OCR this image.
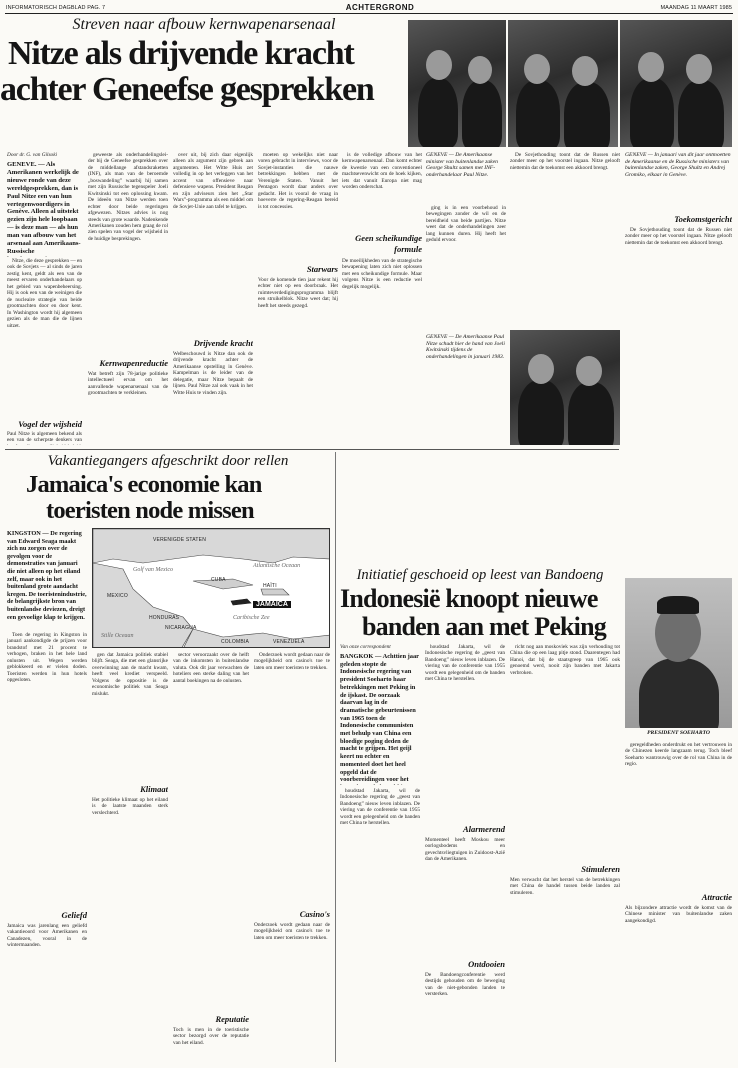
INFORMATORISCH DAGBLAD PAG. 7	ACHTERGROND	MAANDAG 11 MAART 1985
Streven naar afbouw kernwapenarsenaal
Nitze als drijvende kracht
achter Geneefse gesprekken
Door dr. G. van Gilsoki
GENEVE. — Als Amerikanen werkelijk de nieuwe ronde van deze wereldgesprekken, dan is Paul Nitze een van hun vertegenwoordigers in Genève. Alleen al uitstekt gezien zijn hele loopbaan — is deze man — als hun man van afbouw van het arsenaal aan Amerikaans-Russische

Nitze, die deze gesprekken — en ook de Sovjets — al sinds de jaren zestig kent, geldt als een van de meest ervaren onderhandelaars op het gebied van wapenbeheersing. Hij is ook een van de weinigen die de nucleaire strategie van beide grootmachten door en door kent. In Washington wordt hij algemeen gezien als de man die de lijnen uitzet.

Vogel der wijsheid
Paul Nitze is algemeen bekend als een van de scherpste denkers van

geweeste als onderhandelingslei- der bij de Geneefse gesprekken over de middellange afstandsraketten (INF), als man van de beroemde „boswandeling” waarbij hij samen met zijn Russische tegenspeler Joeli Kwitsinski tot een oplossing kwam. De ideeën van Nitze werden toen echter door beide regeringen afgewezen. Nitzes advies is nog steeds van grote waarde. Nadenkende Amerikanen zouden hem graag de rol zien spelen van vogel der wijsheid in de huidige besprekingen.

Kernwapenreductie
Wat betreft zijn 78-jarige politieke intellectueel ervan om het aanvallende wapenarsenaal van de grootmachten te verkleinen.

over uit, bij zich daar eigenlijk alleen als argument zijn gebrek aan argumenten. Het Witte Huis zet volledig in op het verleggen van het accent van offensieve naar defensieve wapens. President Reagan en zijn adviseurs zien het „Star Wars”-programma als een middel om de Sovjet-Unie aan tafel te krijgen.

Drijvende kracht
Welbeschouwd is Nitze dan ook de drijvende kracht achter de Amerikaanse opstelling in Genève. Kampelman is de leider van de delegatie, maar Nitze bepaalt de lijnen. Paul Nitze zal ook vaak in het Witte Huis te vinden zijn.

moeten op wekelijks niet naar voren gebracht in interviews, voor de Sovjet-instanties die nauwe betrekkingen hebben met de Verenigde Staten. Vanuit het Pentagon wordt daar anders over gedacht. Het is vooral de vraag in hoeverre de regering-Reagan bereid is tot concessies.

Starwars
Voor de komende tien jaar rekent hij echter niet op een doorbraak. Het ruimteverdedigingsprogramma blijft een struikelblok. Nitze weet dat; hij heeft het steeds gezegd.

is de volledige afbouw van het kernwapenarsenaal. Dan komt echter de kwestie van een conventioneel machtsevenwicht om de hoek kijken, iets dat vanuit Europa niet mag worden onderschat.

Geen scheikundige formule
De moeilijkheden van de strategische bewapening laten zich niet oplossen met een scheikundige formule. Maar volgens Nitze is een reductie wel degelijk mogelijk.
GENEVE — De Amerikaanse minister van buitenlandse zaken George Shultz samen met INF-onderhandelaar Paul Nitze.

ging is in een voorbehoud in bewegingen zonder de wil en de bereidheid van beide partijen. Nitze weet dat de onderhandelingen zeer lang kunnen duren. Hij heeft het geduld ervoor.

GENEVE — De Amerikaanse Paul Nitze schudt hier de hand van Joeli Kwitsinski tijdens de onderhandelingen in januari 1983.

De Sovjethouding toont dat de Russen niet zonder meer op het voorstel ingaan. Nitze gelooft niettemin dat de toekomst een akkoord brengt.

GENEVE — In januari van dit jaar ontmoetten de Amerikaanse en de Russische ministers van buitenlandse zaken, George Shultz en Andrej Gromiko, elkaar in Genève.
Toekomstgericht

De Sovjethouding toont dat de Russen niet zonder meer op het voorstel ingaan. Nitze gelooft niettemin dat de toekomst een akkoord brengt.

Vakantiegangers afgeschrikt door rellen
Jamaica's economie kan
toeristen node missen
KINGSTON — De regering van Edward Seaga maakt zich nu zorgen over de gevolgen voor de demonstraties van januari die niet alleen op het eiland zelf, maar ook in het buitenland grote aandacht kregen. De toeristenindustrie, de belangrijkste bron van buitenlandse deviezen, dreigt een gevoelige klap te krijgen.

Toen de regering in Kingston in januari aankondigde de prijzen voor brandstof met 21 procent te verhogen, braken in het hele land onlusten uit. Wegen werden geblokkeerd en er vielen doden. Toeristen werden in hun hotels opgesloten.

Geliefd
Jamaica was jarenlang een geliefd vakantieoord voor Amerikanen en Canadezen, vooral in de wintermaanden.
VERENIGDE STATEN
Golf van Mexico
CUBA
MEXICO
HAÏTI
JAMAICA
Caribische Zee
HONDURAS
NICARAGUA
COLOMBIA	VENEZUELA
Atlantische Oceaan
Stille Oceaan

gen dat Jamaica politiek stabiel blijft. Seaga, die met een glansrijke overwinning aan de macht kwam, heeft veel krediet verspeeld. Volgens de oppositie is de economische politiek van Seaga mislukt.

Klimaat
Het politieke klimaat op het eiland is de laatste maanden sterk verslechterd.

sector veroorzaakt over de helft van de inkomsten in buitenlandse valuta. Ook dit jaar verwachten de hoteliers een sterke daling van het aantal boekingen na de onlusten.

Onderzoek wordt gedaan naar de mogelijkheid om casino's toe te laten om meer toeristen te trekken.

Casino's
Onderzoek wordt gedaan naar de mogelijkheid om casino's toe te laten om meer toeristen te trekken.
Reputatie
Toch is men in de toeristische sector bezorgd over de reputatie van het eiland.
Initiatief geschoeid op leest van Bandoeng
Indonesië knoopt nieuwe
banden aan met Peking
Van onze correspondent
BANGKOK — Achttien jaar geleden stopte de Indonesische regering van president Soeharto haar betrekkingen met Peking in de ijskast. De oorzaak daarvan lag in de dramatische gebeurtenissen van 1965 toen de Indonesische communisten met behulp van China een bloedige poging deden de macht te grijpen. Het geijl keert nu echter en momenteel doet het heel opgeld dat de voorbereidingen voor het

houdstad Jakarta, wil de Indonesische regering de „geest van Bandoeng” nieuw leven inblazen. De viering van de conferentie van 1955 wordt een gelegenheid om de banden met China te herstellen.

houdstad Jakarta, wil de Indonesische regering de „geest van Bandoeng” nieuw leven inblazen. De viering van de conferentie van 1955 wordt een gelegenheid om de banden met China te herstellen.

Alarmerend
Momenteel heeft Moskou meer oorlogsbodems en gevechtsvliegtuigen in Zuidoost-Azië dan de Amerikanen.
Ontdooien
De Bandoengconferentie werd destijds gehouden om de beweging van de niet-gebonden landen te versterken.

richt nog aan moskoviek was zijn verhouding tot China die op een laag pitje stond. Daarentegen had Hanoi, dat bij de staatsgreep van 1965 ook genoemd werd, nooit zijn banden met Jakarta verbroken.

Stimuleren
Men verwacht dat het herstel van de betrekkingen met China de handel tussen beide landen zal stimuleren.
PRESIDENT SOEHARTO

geregeldheden onderdrukt en het vertrouwen in de Chinezen keerde langzaam terug. Toch bleef Soeharto wantrouwig over de rol van China in de regio.

Attractie
Als bijzondere attractie wordt de komst van de Chinese minister van buitenlandse zaken aangekondigd.
